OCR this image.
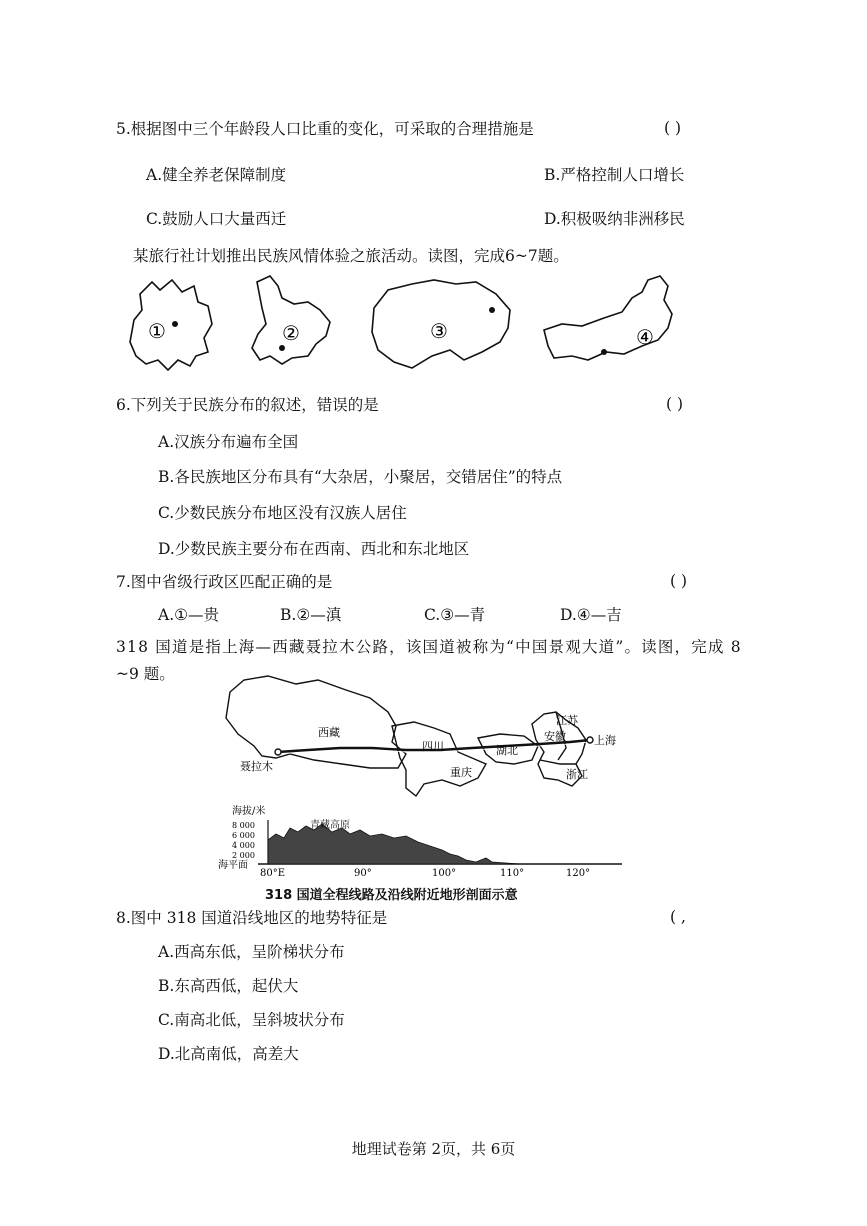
5.根据图中三个年龄段人口比重的变化，可采取的合理措施是	( )
A.健全养老保障制度	B.严格控制人口增长
C.鼓励人口大量西迁	D.积极吸纳非洲移民
某旅行社计划推出民族风情体验之旅活动。读图，完成6~7题。
①	②	③	④
6.下列关于民族分布的叙述，错误的是	( )
A.汉族分布遍布全国
B.各民族地区分布具有“大杂居，小聚居，交错居住”的特点
C.少数民族分布地区没有汉族人居住
D.少数民族主要分布在西南、西北和东北地区
7.图中省级行政区匹配正确的是	( )
A.①—贵	B.②—滇	C.③—青	D.④—吉
318 国道是指上海—西藏聂拉木公路，该国道被称为“中国景观大道”。读图，完成 8
~9 题。
西藏
四川	湖北
安徽
江苏
上海
浙江
重庆
聂拉木
海拔/米
8 000
6 000
4 000
2 000
海平面
青藏高原
80°E	90°	100°	110°	120°
318 国道全程线路及沿线附近地形剖面示意
8.图中 318 国道沿线地区的地势特征是	( ,
A.西高东低，呈阶梯状分布
B.东高西低，起伏大
C.南高北低，呈斜坡状分布
D.北高南低，高差大
地理试卷第 2页，共 6页
